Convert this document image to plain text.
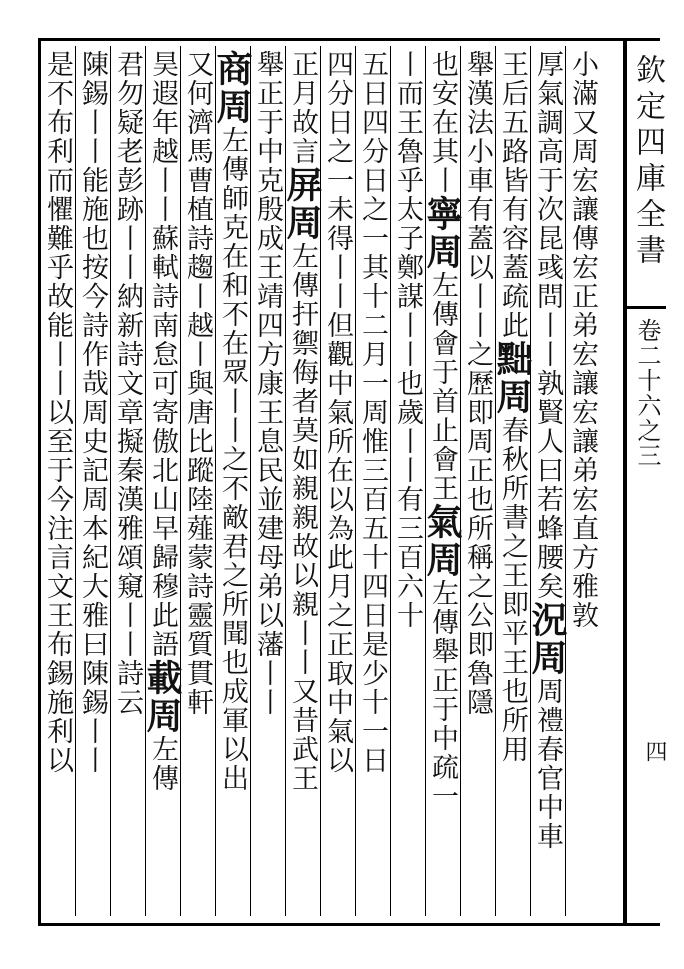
欽定四庫全書
卷二十六之三
四
小滿又周宏讓傳宏正弟宏讓宏讓弟宏直方雅敦
厚氣調高于次昆彧問丨丨孰賢人曰若蜂腰矣況周周禮春官中車
王后五路皆有容蓋疏此黜周春秋所書之王即平王也所用
舉漢法小車有蓋以丨丨之歷即周正也所稱之公即魯隱
也安在其丨寧周左傳會于首止會王氣周左傳舉正于中疏一
丨而王魯乎太子鄭謀丨丨也歲丨丨有三百六十
五日四分日之一其十二月一周惟三百五十四日是少十一日
四分日之一未得丨丨但觀中氣所在以為此月之正取中氣以
正月故言屏周左傳扞禦侮者莫如親親故以親丨丨又昔武王
舉正于中克殷成王靖四方康王息民並建母弟以藩丨丨
商周左傳師克在和不在眾丨丨之不敵君之所聞也成軍以出
又何濟馬曹植詩趨丨越丨與唐比蹤陸薤蒙詩靈質貫軒
昊遐年越丨丨蘇軾詩南怠可寄傲北山早歸穆此語載周左傳
君勿疑老彭跡丨丨納新詩文章擬秦漢雅頌窺丨丨詩云
陳錫丨丨能施也按今詩作哉周史記周本紀大雅曰陳錫丨丨
是不布利而懼難乎故能丨丨以至于今注言文王布錫施利以
